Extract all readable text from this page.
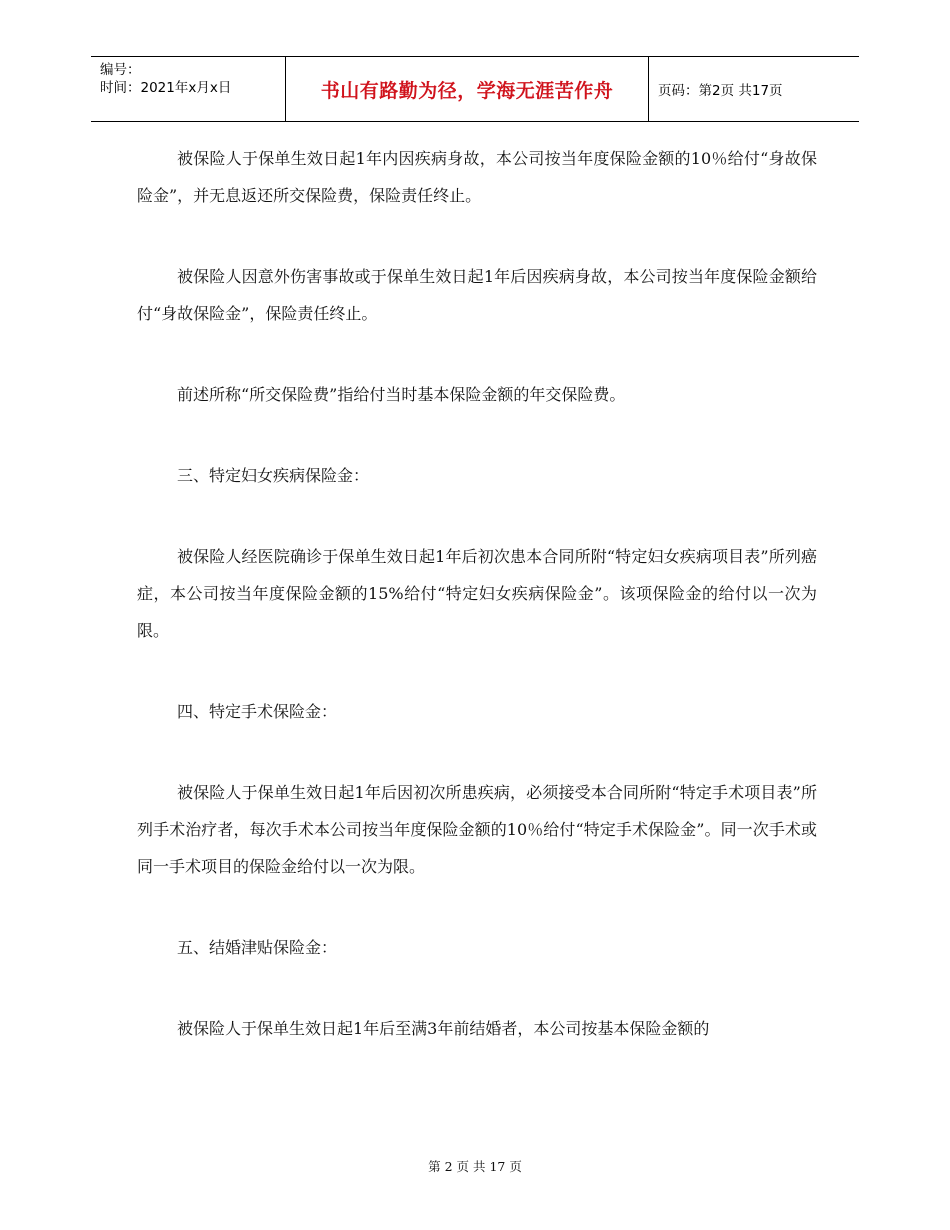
编号：
时间：2021年x月x日	书山有路勤为径，学海无涯苦作舟	页码：第2页 共17页

被保险人于保单生效日起1年内因疾病身故，本公司按当年度保险金额的10％给付“身故保险金”，并无息返还所交保险费，保险责任终止。

被保险人因意外伤害事故或于保单生效日起1年后因疾病身故，本公司按当年度保险金额给付“身故保险金”，保险责任终止。

前述所称“所交保险费”指给付当时基本保险金额的年交保险费。

三、特定妇女疾病保险金：

被保险人经医院确诊于保单生效日起1年后初次患本合同所附“特定妇女疾病项目表”所列癌症，本公司按当年度保险金额的15%给付“特定妇女疾病保险金”。该项保险金的给付以一次为限。

四、特定手术保险金：

被保险人于保单生效日起1年后因初次所患疾病，必须接受本合同所附“特定手术项目表”所列手术治疗者，每次手术本公司按当年度保险金额的10％给付“特定手术保险金”。同一次手术或同一手术项目的保险金给付以一次为限。

五、结婚津贴保险金：

被保险人于保单生效日起1年后至满3年前结婚者，本公司按基本保险金额的

第 2 页 共 17 页
